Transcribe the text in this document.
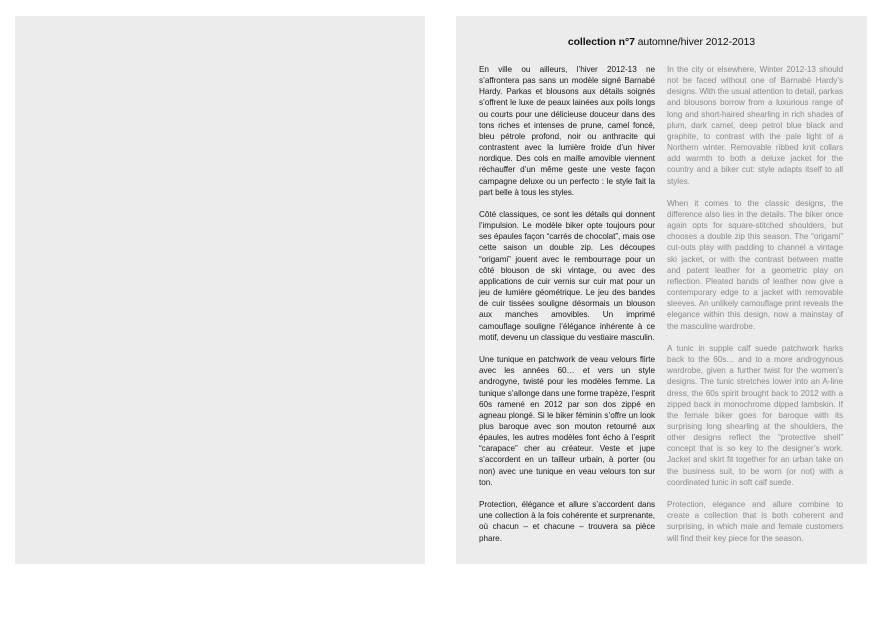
collection n°7 automne/hiver 2012-2013

En ville ou ailleurs, l’hiver 2012-13 ne s’affrontera pas sans un modèle signé Barnabé Hardy. Parkas et blousons aux détails soignés s’offrent le luxe de peaux lainées aux poils longs ou courts pour une délicieuse douceur dans des tons riches et intenses de prune, camel foncé, bleu pétrole profond, noir ou anthracite qui contrastent avec la lumière froide d’un hiver nordique. Des cols en maille amovible viennent réchauffer d’un même geste une veste façon campagne deluxe ou un perfecto : le style fait la part belle à tous les styles.

Côté classiques, ce sont les détails qui donnent l’impulsion. Le modèle biker opte toujours pour ses épaules façon “carrés de chocolat”, mais ose cette saison un double zip. Les découpes “origami” jouent avec le rembourrage pour un côté blouson de ski vintage, ou avec des applications de cuir vernis sur cuir mat pour un jeu de lumière géométrique. Le jeu des bandes de cuir tissées souligne désormais un blouson aux manches amovibles. Un imprimé camouflage souligne l’élégance inhérente à ce motif, devenu un classique du vestiaire masculin.

Une tunique en patchwork de veau velours flirte avec les années 60… et vers un style androgyne, twisté pour les modèles femme. La tunique s’allonge dans une forme trapèze, l’esprit 60s ramené en 2012 par son dos zippé en agneau plongé. Si le biker féminin s’offre un look plus baroque avec son mouton retourné aux épaules, les autres modèles font écho à l’esprit “carapace” cher au créateur. Veste et jupe s’accordent en un tailleur urbain, à porter (ou non) avec une tunique en veau velours ton sur ton.

Protection, élégance et allure s’accordent dans une collection à la fois cohérente et surprenante, où chacun – et chacune – trouvera sa pièce phare.

In the city or elsewhere, Winter 2012-13 should not be faced without one of Barnabé Hardy’s designs. With the usual attention to detail, parkas and blousons borrow from a luxurious range of long and short-haired shearling in rich shades of plum, dark camel, deep petrol blue black and graphite, to contrast with the pale light of a Northern winter. Removable ribbed knit collars add warmth to both a deluxe jacket for the country and a biker cut: style adapts itself to all styles.

When it comes to the classic designs, the difference also lies in the details. The biker once again opts for square-stitched shoulders, but chooses a double zip this season. The “origami” cut-outs play with padding to channel a vintage ski jacket, or with the contrast between matte and patent leather for a geometric play on reflection. Pleated bands of leather now give a contemporary edge to a jacket with removable sleeves. An unlikely camouflage print reveals the elegance within this design, now a mainstay of the masculine wardrobe.

A tunic in supple calf suede patchwork harks back to the 60s… and to a more androgynous wardrobe, given a further twist for the women’s designs. The tunic stretches lower into an A-line dress, the 60s spirit brought back to 2012 with a zipped back in monochrome dipped lambskin. If the female biker goes for baroque with its surprising long shearling at the shoulders, the other designs reflect the “protective shell” concept that is so key to the designer’s work. Jacket and skirt fit together for an urban take on the business suit, to be worn (or not) with a coordinated tunic in soft calf suede.

Protection, elegance and allure combine to create a collection that is both coherent and surprising, in which male and female customers will find their key piece for the season.
